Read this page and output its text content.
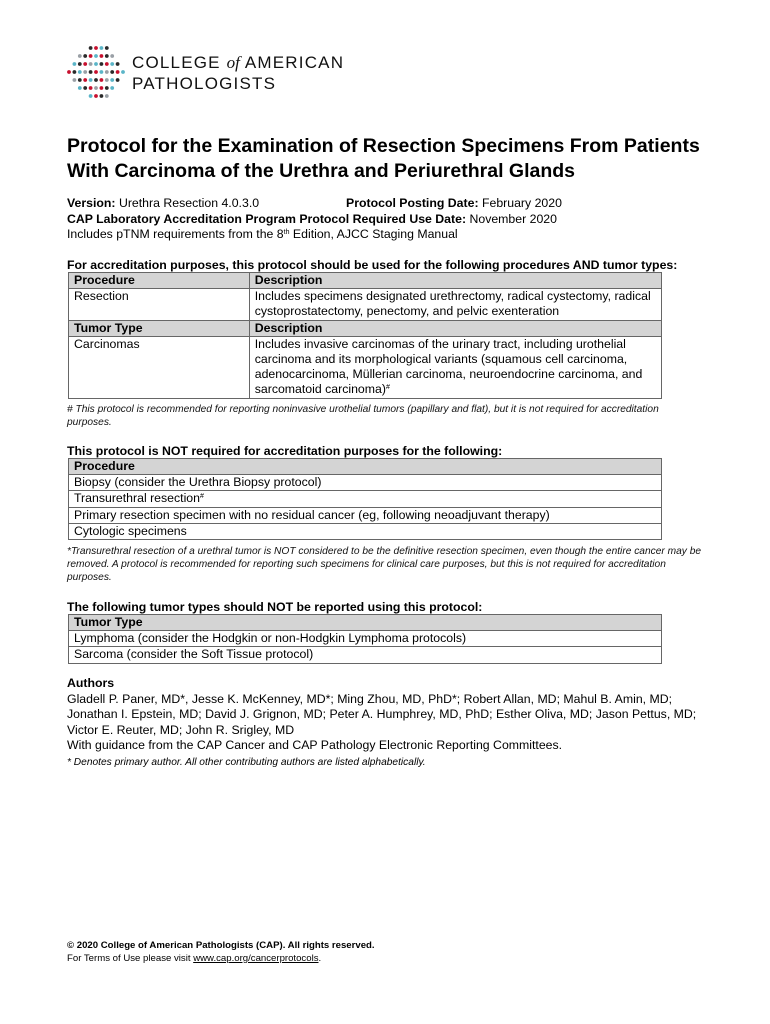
COLLEGE of AMERICAN
PATHOLOGISTS
Protocol for the Examination of Resection Specimens From Patients With Carcinoma of the Urethra and Periurethral Glands
Version: Urethra Resection 4.0.3.0	Protocol Posting Date: February 2020
CAP Laboratory Accreditation Program Protocol Required Use Date: November 2020
Includes pTNM requirements from the 8th Edition, AJCC Staging Manual
For accreditation purposes, this protocol should be used for the following procedures AND tumor types:
Procedure	Description
Resection	Includes specimens designated urethrectomy, radical cystectomy, radical cystoprostatectomy, penectomy, and pelvic exenteration
Tumor Type	Description
Carcinomas	Includes invasive carcinomas of the urinary tract, including urothelial carcinoma and its morphological variants (squamous cell carcinoma, adenocarcinoma, Müllerian carcinoma, neuroendocrine carcinoma, and sarcomatoid carcinoma)#
# This protocol is recommended for reporting noninvasive urothelial tumors (papillary and flat), but it is not required for accreditation purposes.
This protocol is NOT required for accreditation purposes for the following:
Procedure
Biopsy (consider the Urethra Biopsy protocol)
Transurethral resection#
Primary resection specimen with no residual cancer (eg, following neoadjuvant therapy)
Cytologic specimens
*Transurethral resection of a urethral tumor is NOT considered to be the definitive resection specimen, even though the entire cancer may be removed. A protocol is recommended for reporting such specimens for clinical care purposes, but this is not required for accreditation purposes.
The following tumor types should NOT be reported using this protocol:
Tumor Type
Lymphoma (consider the Hodgkin or non-Hodgkin Lymphoma protocols)
Sarcoma (consider the Soft Tissue protocol)
Authors
Gladell P. Paner, MD*, Jesse K. McKenney, MD*; Ming Zhou, MD, PhD*; Robert Allan, MD; Mahul B. Amin, MD; Jonathan I. Epstein, MD; David J. Grignon, MD; Peter A. Humphrey, MD, PhD; Esther Oliva, MD; Jason Pettus, MD; Victor E. Reuter, MD; John R. Srigley, MD
With guidance from the CAP Cancer and CAP Pathology Electronic Reporting Committees.
* Denotes primary author. All other contributing authors are listed alphabetically.
© 2020 College of American Pathologists (CAP). All rights reserved.
For Terms of Use please visit www.cap.org/cancerprotocols.
